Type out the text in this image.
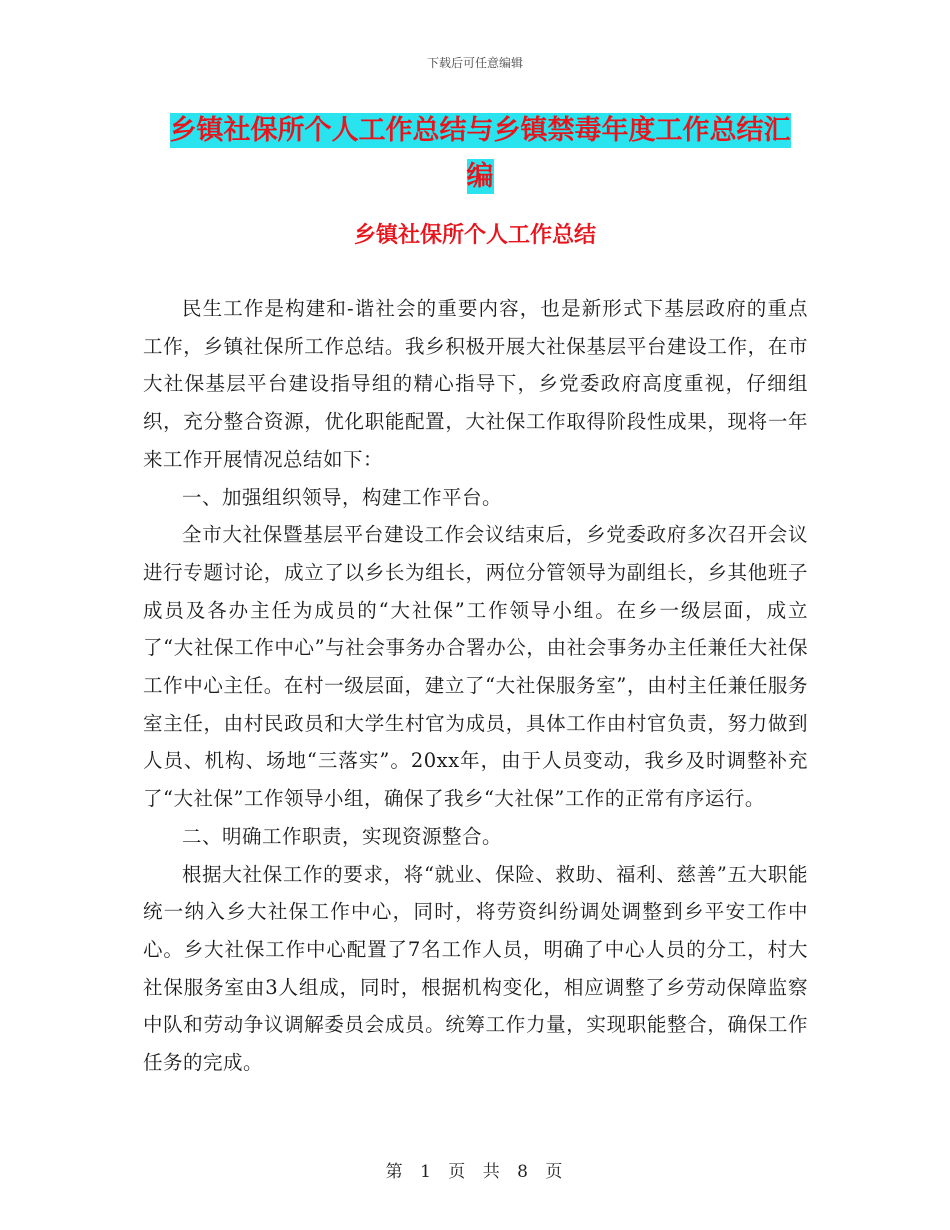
下载后可任意编辑
乡镇社保所个人工作总结与乡镇禁毒年度工作总结汇
编
乡镇社保所个人工作总结

民生工作是构建和-谐社会的重要内容，也是新形式下基层政府的重点工作，乡镇社保所工作总结。我乡积极开展大社保基层平台建设工作，在市大社保基层平台建设指导组的精心指导下，乡党委政府高度重视，仔细组织，充分整合资源，优化职能配置，大社保工作取得阶段性成果，现将一年来工作开展情况总结如下：

一、加强组织领导，构建工作平台。

全市大社保暨基层平台建设工作会议结束后，乡党委政府多次召开会议进行专题讨论，成立了以乡长为组长，两位分管领导为副组长，乡其他班子成员及各办主任为成员的“大社保”工作领导小组。在乡一级层面，成立了“大社保工作中心”与社会事务办合署办公，由社会事务办主任兼任大社保工作中心主任。在村一级层面，建立了“大社保服务室”，由村主任兼任服务室主任，由村民政员和大学生村官为成员，具体工作由村官负责，努力做到人员、机构、场地“三落实”。20xx年，由于人员变动，我乡及时调整补充了“大社保”工作领导小组，确保了我乡“大社保”工作的正常有序运行。

二、明确工作职责，实现资源整合。

根据大社保工作的要求，将“就业、保险、救助、福利、慈善”五大职能统一纳入乡大社保工作中心，同时，将劳资纠纷调处调整到乡平安工作中心。乡大社保工作中心配置了7名工作人员，明确了中心人员的分工，村大社保服务室由3人组成，同时，根据机构变化，相应调整了乡劳动保障监察中队和劳动争议调解委员会成员。统筹工作力量，实现职能整合，确保工作任务的完成。

第 1 页 共 8 页
